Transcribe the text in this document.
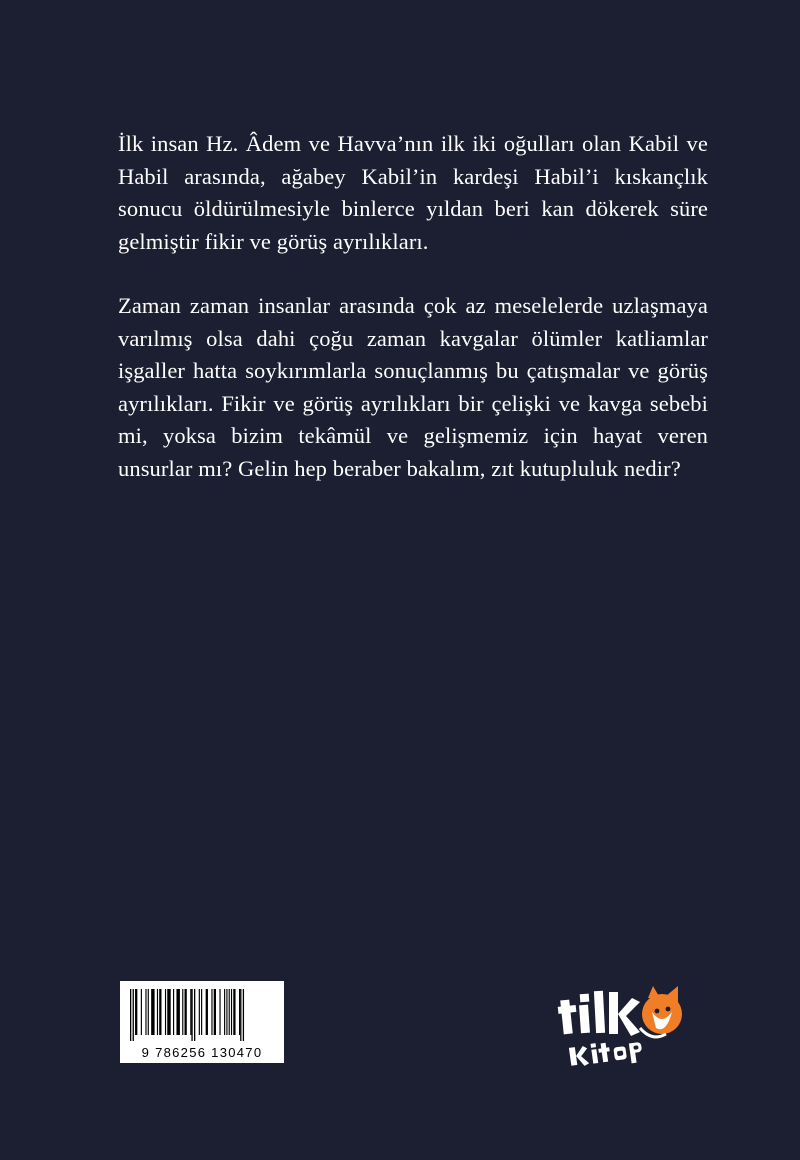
İlk insan Hz. Âdem ve Havva’nın ilk iki oğulları olan Kabil ve Habil arasında, ağabey Kabil’in kardeşi Habil’i kıskançlık sonucu öldürülmesiyle binlerce yıldan beri kan dökerek süre gelmiştir fikir ve görüş ayrılıkları.

Zaman zaman insanlar arasında çok az meselelerde uzlaşmaya varılmış olsa dahi çoğu zaman kavgalar ölümler katliamlar işgaller hatta soykırımlarla sonuçlanmış bu çatışmalar ve görüş ayrılıkları. Fikir ve görüş ayrılıkları bir çelişki ve kavga sebebi mi, yoksa bizim tekâmül ve gelişmemiz için hayat veren unsurlar mı? Gelin hep beraber bakalım, zıt kutupluluk nedir?

9 786256 130470
